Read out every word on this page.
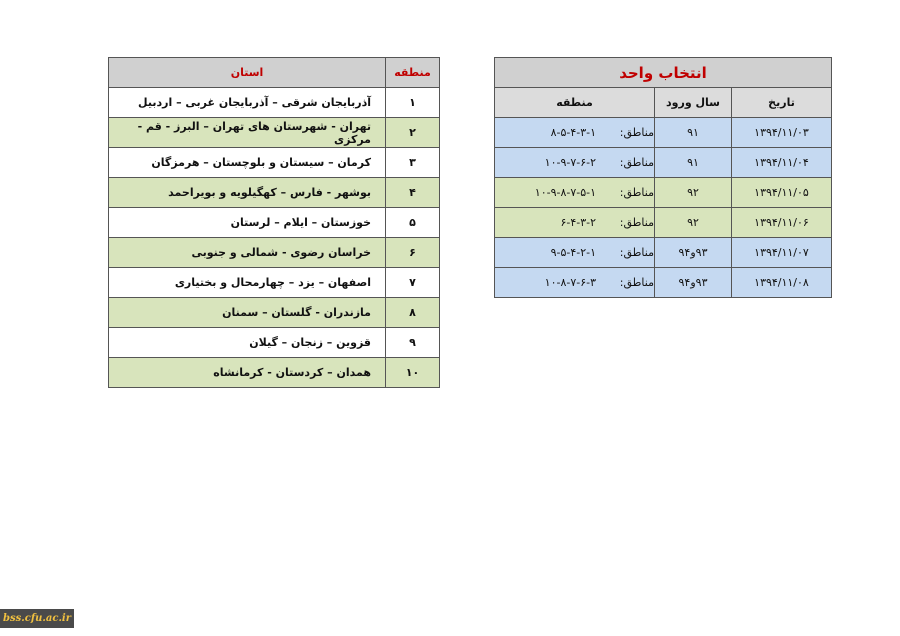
منطقه	استان
۱	آذربایجان شرقی – آذربایجان غربی – اردبیل
۲	تهران - شهرستان های تهران – البرز - قم - مرکزی
۳	کرمان – سیستان و بلوچستان – هرمزگان
۴	بوشهر - فارس – کهگیلویه و بویراحمد
۵	خوزستان – ایلام – لرستان
۶	خراسان رضوی - شمالی و جنوبی
۷	اصفهان – یزد – چهارمحال و بختیاری
۸	مازندران - گلستان – سمنان
۹	قزوین – زنجان – گیلان
۱۰	همدان – کردستان - کرمانشاه
انتخاب واحد		
تاریخ	سال ورود	منطقه
۱۳۹۴/۱۱/۰۳	۹۱	مناطق:۸-۵-۴-۳-۱
۱۳۹۴/۱۱/۰۴	۹۱	مناطق:۱۰-۹-۷-۶-۲
۱۳۹۴/۱۱/۰۵	۹۲	مناطق:۱۰-۹-۸-۷-۵-۱
۱۳۹۴/۱۱/۰۶	۹۲	مناطق:۶-۴-۳-۲
۱۳۹۴/۱۱/۰۷	۹۳و۹۴	مناطق:۹-۵-۴-۲-۱
۱۳۹۴/۱۱/۰۸	۹۳و۹۴	مناطق:۱۰-۸-۷-۶-۳
bss.cfu.ac.ir
